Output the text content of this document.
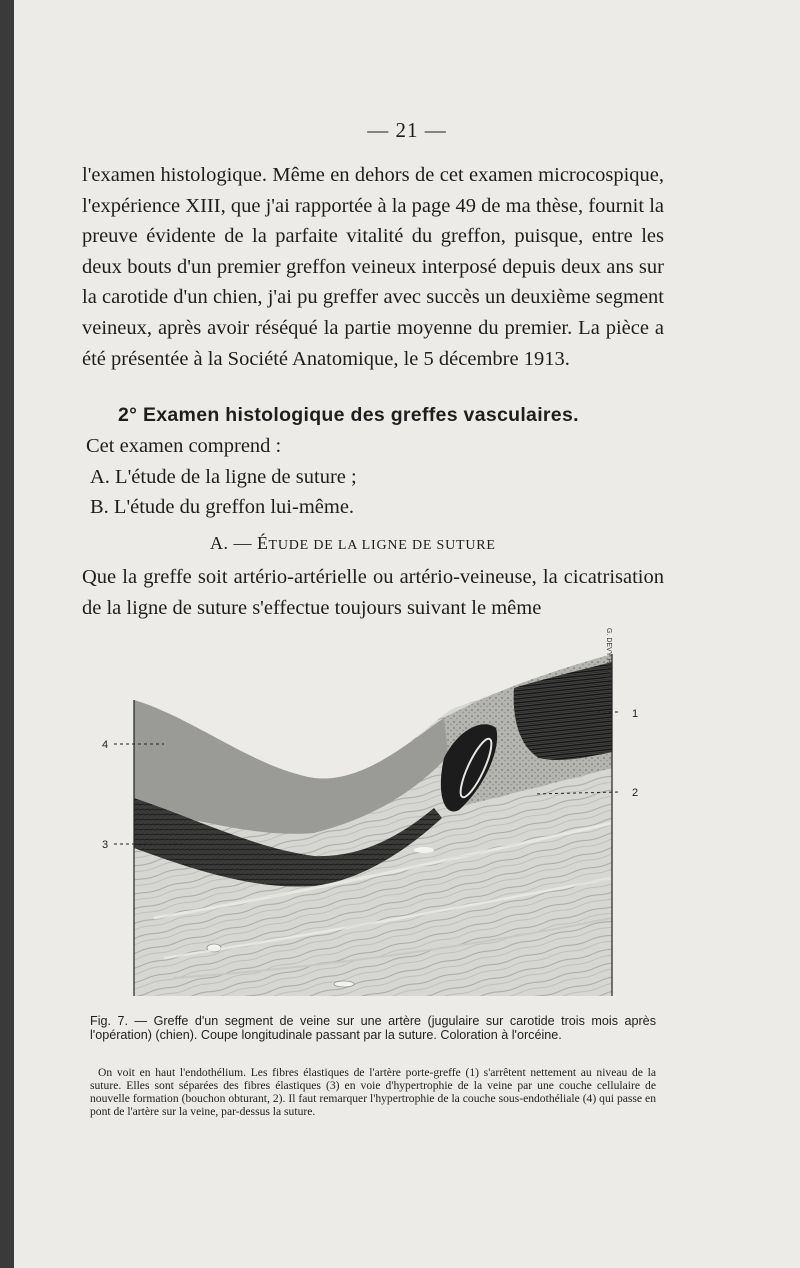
— 21 —

l'examen histologique. Même en dehors de cet examen microcospique, l'expérience XIII, que j'ai rapportée à la page 49 de ma thèse, fournit la preuve évidente de la parfaite vitalité du greffon, puisque, entre les deux bouts d'un premier greffon veineux interposé depuis deux ans sur la carotide d'un chien, j'ai pu greffer avec succès un deuxième segment veineux, après avoir réséqué la partie moyenne du premier. La pièce a été présentée à la Société Anatomique, le 5 décembre 1913.

2° Examen histologique des greffes vasculaires.
Cet examen comprend :
A. L'étude de la ligne de suture ;
B. L'étude du greffon lui-même.
A. — ÉTUDE DE LA LIGNE DE SUTURE

Que la greffe soit artério-artérielle ou artério-veineuse, la cicatrisation de la ligne de suture s'effectue toujours suivant le même

1
2
3
4
G. DEVY FAUVEL

Fig. 7. — Greffe d'un segment de veine sur une artère (jugulaire sur carotide trois mois après l'opération) (chien). Coupe longitudinale passant par la suture. Coloration à l'orcéine.

On voit en haut l'endothélium. Les fibres élastiques de l'artère porte-greffe (1) s'arrêtent nettement au niveau de la suture. Elles sont séparées des fibres élastiques (3) en voie d'hypertrophie de la veine par une couche cellulaire de nouvelle formation (bouchon obturant, 2). Il faut remarquer l'hypertrophie de la couche sous-endothéliale (4) qui passe en pont de l'artère sur la veine, par-dessus la suture.
